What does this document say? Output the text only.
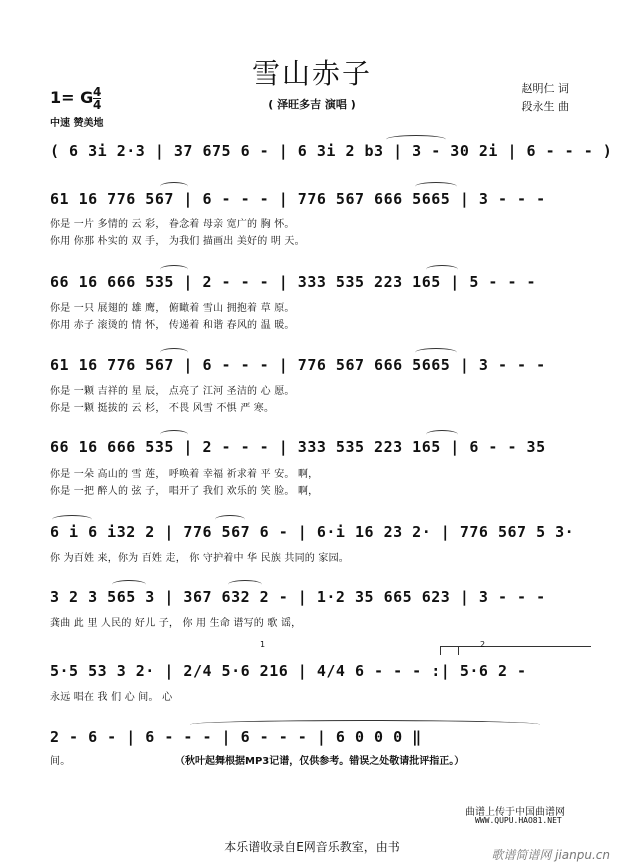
雪山赤子
( 泽旺多吉 演唱 )
赵明仁 词
段永生 曲
1= G 4
4
中速 赞美地
( 6 3i 2·3 | 37 675 6 - | 6 3i 2 b3 | 3 - 30 2i | 6 - - - )
61 16 776 567 | 6 - - - | 776 567 666 5665 | 3 - - -
你是 一片 多情的 云 彩， 眷念着 母亲 宽广的 胸 怀。
你用 你那 朴实的 双 手， 为我们 描画出 美好的 明 天。
66 16 666 535 | 2 - - - | 333 535 223 165 | 5 - - -
你是 一只 展翅的 雄 鹰， 俯瞰着 雪山 拥抱着 草 原。
你用 赤子 滚烫的 情 怀， 传递着 和谐 春风的 温 暖。
61 16 776 567 | 6 - - - | 776 567 666 5665 | 3 - - -
你是 一颗 吉祥的 星 辰， 点亮了 江河 圣洁的 心 愿。
你是 一颗 挺拔的 云 杉， 不畏 风雪 不惧 严 寒。
66 16 666 535 | 2 - - - | 333 535 223 165 | 6 - - 35
你是 一朵 高山的 雪 莲， 呼唤着 幸福 祈求着 平 安。 啊，
你是 一把 醉人的 弦 子， 唱开了 我们 欢乐的 笑 脸。 啊，
6 i 6 i32 2 | 776 567 6 - | 6·i 16 23 2· | 776 567 5 3·
你 为百姓 来，你为 百姓 走， 你 守护着中 华 民族 共同的 家园。
3 2 3 565 3 | 367 632 2 - | 1·2 35 665 623 | 3 - - -
龚曲 此 里 人民的 好儿 子， 你 用 生命 谱写的 歌 谣，
1	2
5·5 53 3 2· | 2/4 5·6 216 | 4/4 6 - - - :| 5·6 2 -
永远 唱在 我 们 心 间。 心
2 - 6 - | 6 - - - | 6 - - - | 6 0 0 0 ‖
间。	（秋叶起舞根据MP3记谱，仅供参考。错误之处敬请批评指正。）
曲谱上传于中国曲谱网
WWW.QUPU.HAO81.NET
本乐谱收录自E网音乐教室，由书
歌谱简谱网 jianpu.cn
